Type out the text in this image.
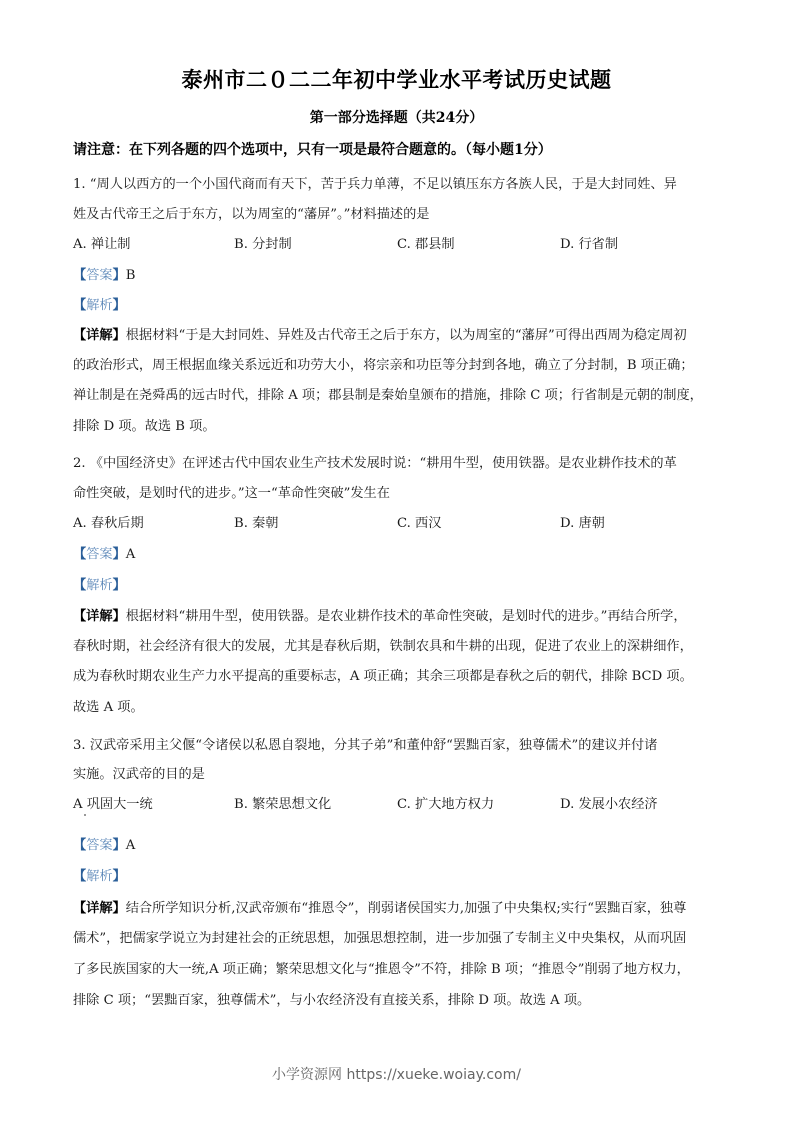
泰州市二０二二年初中学业水平考试历史试题
第一部分选择题（共24分）
请注意：在下列各题的四个选项中，只有一项是最符合题意的。（每小题1分）
1. “周人以西方的一个小国代商而有天下，苦于兵力单薄，不足以镇压东方各族人民，于是大封同姓、异
姓及古代帝王之后于东方，以为周室的“藩屏”。”材料描述的是
A. 禅让制	B. 分封制	C. 郡县制	D. 行省制
【答案】B
【解析】
【详解】根据材料“于是大封同姓、异姓及古代帝王之后于东方，以为周室的“藩屏”可得出西周为稳定周初
的政治形式，周王根据血缘关系远近和功劳大小，将宗亲和功臣等分封到各地，确立了分封制，B 项正确；
禅让制是在尧舜禹的远古时代，排除 A 项；郡县制是秦始皇颁布的措施，排除 C 项；行省制是元朝的制度，
排除 D 项。故选 B 项。
2. 《中国经济史》在评述古代中国农业生产技术发展时说：“耕用牛型，使用铁器。是农业耕作技术的革
命性突破，是划时代的进步。”这一“革命性突破”发生在
A. 春秋后期	B. 秦朝	C. 西汉	D. 唐朝
【答案】A
【解析】
【详解】根据材料“耕用牛型，使用铁器。是农业耕作技术的革命性突破，是划时代的进步。”再结合所学，
春秋时期，社会经济有很大的发展，尤其是春秋后期，铁制农具和牛耕的出现，促进了农业上的深耕细作，
成为春秋时期农业生产力水平提高的重要标志，A 项正确；其余三项都是春秋之后的朝代，排除 BCD 项。
故选 A 项。
3. 汉武帝采用主父偃“令诸侯以私恩自裂地，分其子弟”和董仲舒“罢黜百家，独尊儒术”的建议并付诸
实施。汉武帝的目的是
A 巩固大一统	B. 繁荣思想文化	C. 扩大地方权力	D. 发展小农经济
【答案】A
【解析】
【详解】结合所学知识分析,汉武帝颁布“推恩令”，削弱诸侯国实力,加强了中央集权;实行“罢黜百家，独尊
儒术”，把儒家学说立为封建社会的正统思想，加强思想控制，进一步加强了专制主义中央集权，从而巩固
了多民族国家的大一统,A 项正确；繁荣思想文化与“推恩令”不符，排除 B 项；“推恩令”削弱了地方权力，
排除 C 项；“罢黜百家，独尊儒术”，与小农经济没有直接关系，排除 D 项。故选 A 项。
小学资源网 https://xueke.woiay.com/
